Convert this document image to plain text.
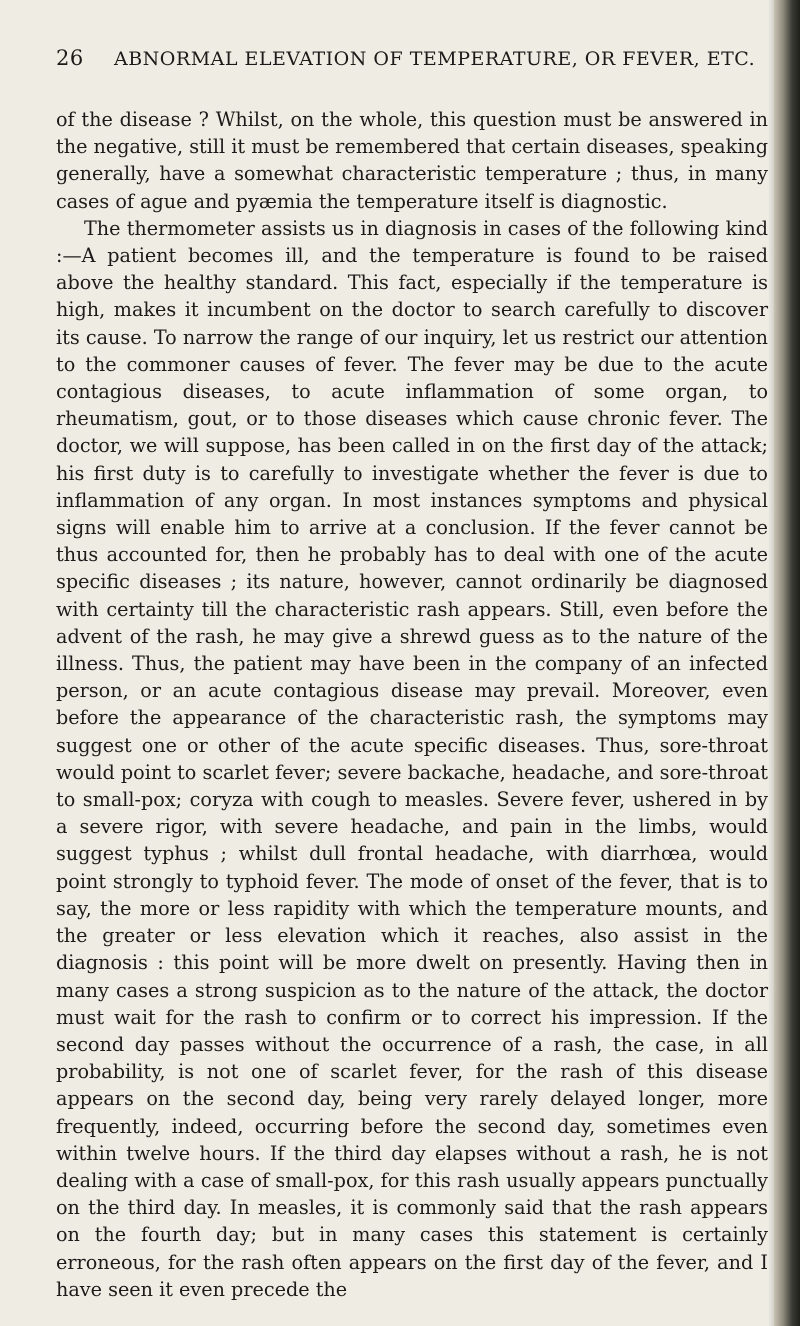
26	ABNORMAL ELEVATION OF TEMPERATURE, OR FEVER, ETC.

of the disease ? Whilst, on the whole, this question must be answered in the negative, still it must be remembered that certain diseases, speaking generally, have a somewhat characteristic temperature ; thus, in many cases of ague and pyæmia the temperature itself is diagnostic.

The thermometer assists us in diagnosis in cases of the following kind :—A patient becomes ill, and the temperature is found to be raised above the healthy standard. This fact, especially if the temperature is high, makes it incumbent on the doctor to search carefully to discover its cause. To narrow the range of our inquiry, let us restrict our attention to the commoner causes of fever. The fever may be due to the acute contagious diseases, to acute inflammation of some organ, to rheumatism, gout, or to those diseases which cause chronic fever. The doctor, we will suppose, has been called in on the first day of the attack; his first duty is to carefully to investigate whether the fever is due to inflammation of any organ. In most instances symptoms and physical signs will enable him to arrive at a conclusion. If the fever cannot be thus accounted for, then he probably has to deal with one of the acute specific diseases ; its nature, however, cannot ordinarily be diagnosed with certainty till the characteristic rash appears. Still, even before the advent of the rash, he may give a shrewd guess as to the nature of the illness. Thus, the patient may have been in the company of an infected person, or an acute contagious disease may prevail. Moreover, even before the appearance of the characteristic rash, the symptoms may suggest one or other of the acute specific diseases. Thus, sore-throat would point to scarlet fever; severe backache, headache, and sore-throat to small-pox; coryza with cough to measles. Severe fever, ushered in by a severe rigor, with severe headache, and pain in the limbs, would suggest typhus ; whilst dull frontal headache, with diarrhœa, would point strongly to typhoid fever. The mode of onset of the fever, that is to say, the more or less rapidity with which the temperature mounts, and the greater or less elevation which it reaches, also assist in the diagnosis : this point will be more dwelt on presently. Having then in many cases a strong suspicion as to the nature of the attack, the doctor must wait for the rash to confirm or to correct his impression. If the second day passes without the occurrence of a rash, the case, in all probability, is not one of scarlet fever, for the rash of this disease appears on the second day, being very rarely delayed longer, more frequently, indeed, occurring before the second day, sometimes even within twelve hours. If the third day elapses without a rash, he is not dealing with a case of small-pox, for this rash usually appears punctually on the third day. In measles, it is commonly said that the rash appears on the fourth day; but in many cases this statement is certainly erroneous, for the rash often appears on the first day of the fever, and I have seen it even precede the
